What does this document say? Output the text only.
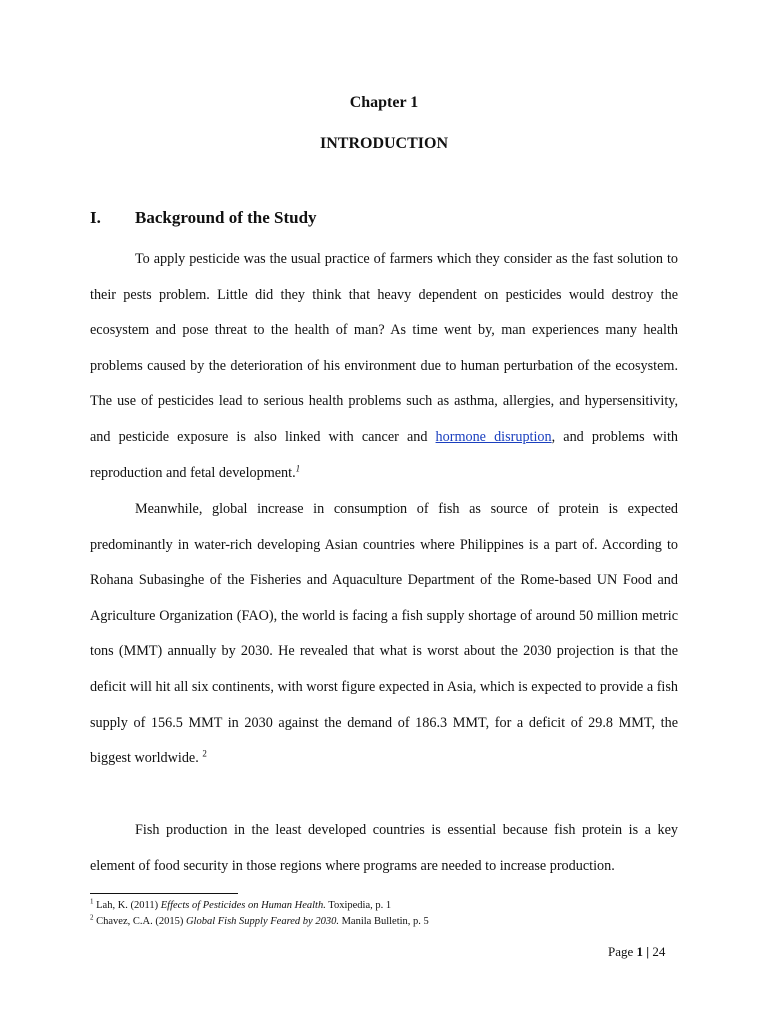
Chapter 1
INTRODUCTION
I. Background of the Study

To apply pesticide was the usual practice of farmers which they consider as the fast solution to their pests problem. Little did they think that heavy dependent on pesticides would destroy the ecosystem and pose threat to the health of man? As time went by, man experiences many health problems caused by the deterioration of his environment due to human perturbation of the ecosystem. The use of pesticides lead to serious health problems such as asthma, allergies, and hypersensitivity, and pesticide exposure is also linked with cancer and hormone disruption, and problems with reproduction and fetal development.$^1$

Meanwhile, global increase in consumption of fish as source of protein is expected predominantly in water-rich developing Asian countries where Philippines is a part of. According to Rohana Subasinghe of the Fisheries and Aquaculture Department of the Rome-based UN Food and Agriculture Organization (FAO), the world is facing a fish supply shortage of around 50 million metric tons (MMT) annually by 2030. He revealed that what is worst about the 2030 projection is that the deficit will hit all six continents, with worst figure expected in Asia, which is expected to provide a fish supply of 156.5 MMT in 2030 against the demand of 186.3 MMT, for a deficit of 29.8 MMT, the biggest worldwide. $^2$

Fish production in the least developed countries is essential because fish protein is a key element of food security in those regions where programs are needed to increase production.

$^1$ Lah, K. (2011) Effects of Pesticides on Human Health. Toxipedia, p. 1
$^2$ Chavez, C.A. (2015) Global Fish Supply Feared by 2030. Manila Bulletin, p. 5
Page 1 | 24
